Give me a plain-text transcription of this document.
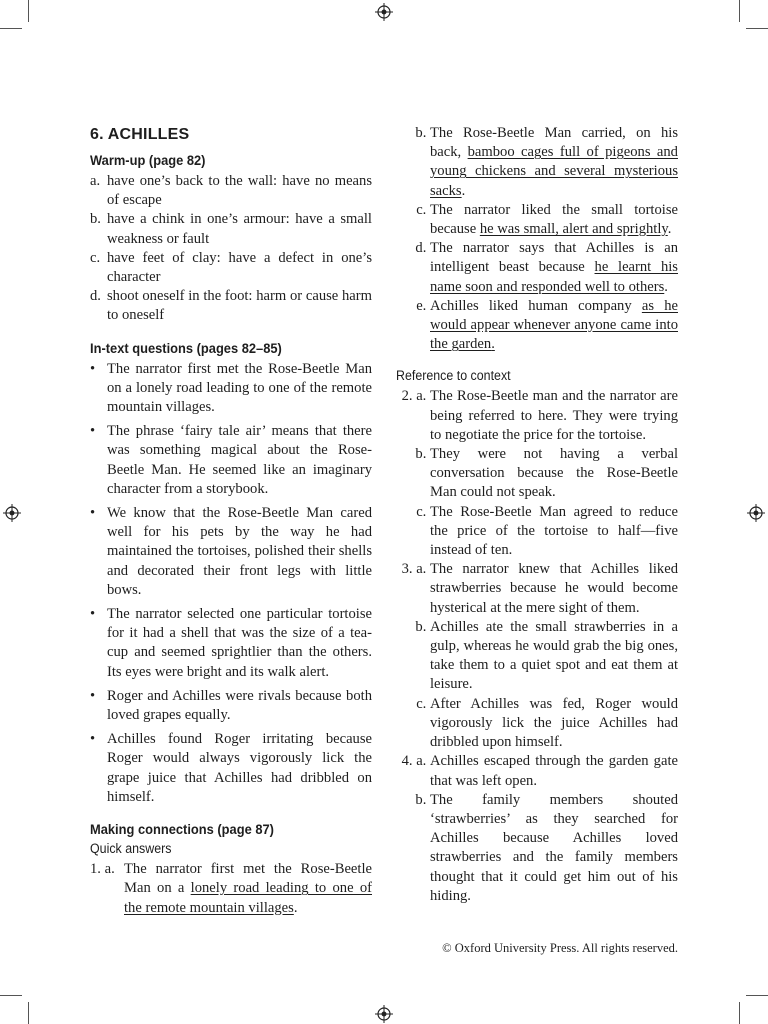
6. ACHILLES
Warm-up (page 82)
a. have one’s back to the wall: have no means of escape
b. have a chink in one’s armour: have a small weakness or fault
c. have feet of clay: have a defect in one’s character
d. shoot oneself in the foot: harm or cause harm to oneself
In-text questions (pages 82–85)
• The narrator first met the Rose-Beetle Man on a lonely road leading to one of the remote mountain villages.
• The phrase ‘fairy tale air’ means that there was something magical about the Rose-Beetle Man. He seemed like an imaginary character from a storybook.
• We know that the Rose-Beetle Man cared well for his pets by the way he had maintained the tortoises, polished their shells and decorated their front legs with little bows.
• The narrator selected one particular tortoise for it had a shell that was the size of a tea-cup and seemed sprightlier than the others. Its eyes were bright and its walk alert.
• Roger and Achilles were rivals because both loved grapes equally.
• Achilles found Roger irritating because Roger would always vigorously lick the grape juice that Achilles had dribbled on himself.
Making connections (page 87)
Quick answers
1. a. The narrator first met the Rose-Beetle Man on a lonely road leading to one of the remote mountain villages.
b. The Rose-Beetle Man carried, on his back, bamboo cages full of pigeons and young chickens and several mysterious sacks.
c. The narrator liked the small tortoise because he was small, alert and sprightly.
d. The narrator says that Achilles is an intelligent beast because he learnt his name soon and responded well to others.
e. Achilles liked human company as he would appear whenever anyone came into the garden.
Reference to context
2. a. The Rose-Beetle man and the narrator are being referred to here. They were trying to negotiate the price for the tortoise.
b. They were not having a verbal conversation because the Rose-Beetle Man could not speak.
c. The Rose-Beetle Man agreed to reduce the price of the tortoise to half—five instead of ten.
3. a. The narrator knew that Achilles liked strawberries because he would become hysterical at the mere sight of them.
b. Achilles ate the small strawberries in a gulp, whereas he would grab the big ones, take them to a quiet spot and eat them at leisure.
c. After Achilles was fed, Roger would vigorously lick the juice Achilles had dribbled upon himself.
4. a. Achilles escaped through the garden gate that was left open.
b. The family members shouted ‘strawberries’ as they searched for Achilles because Achilles loved strawberries and the family members thought that it could get him out of his hiding.
© Oxford University Press. All rights reserved.
